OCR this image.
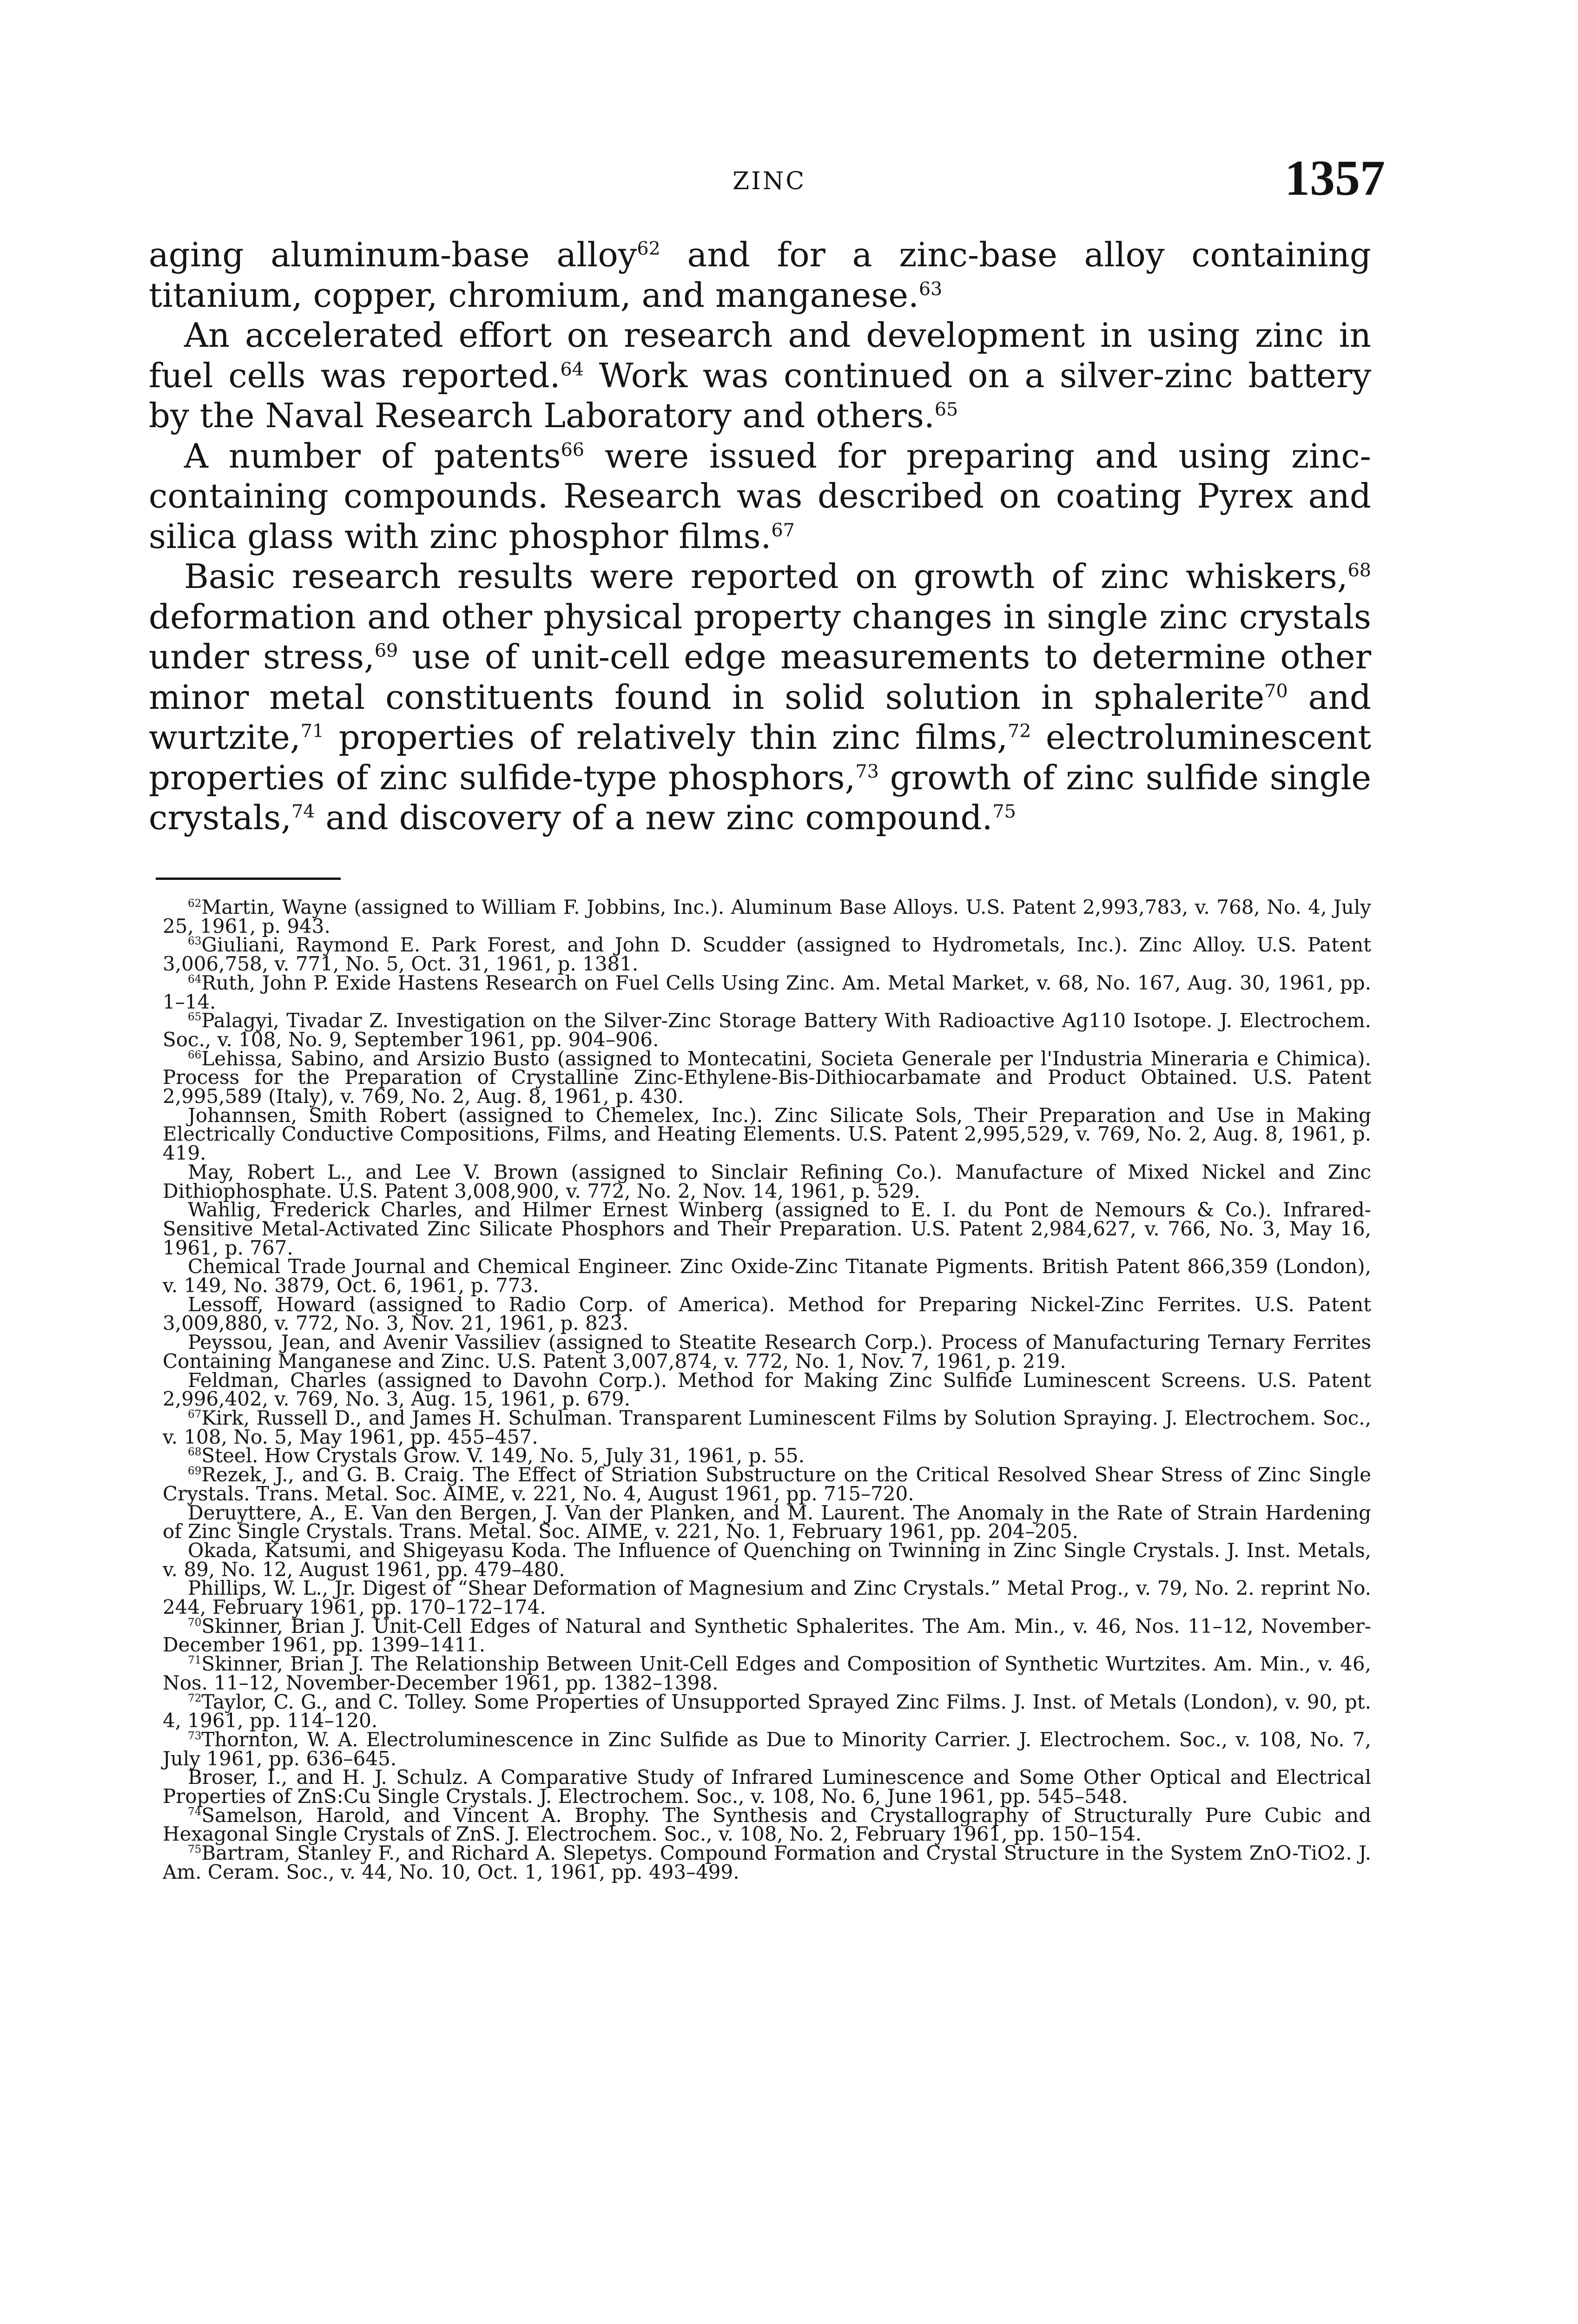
ZINC	1357

aging aluminum-base alloy$^{62}$ and for a zinc-base alloy containing titanium, copper, chromium, and manganese.$^{63}$

An accelerated effort on research and development in using zinc in fuel cells was reported.$^{64}$ Work was continued on a silver-zinc battery by the Naval Research Laboratory and others.$^{65}$

A number of patents$^{66}$ were issued for preparing and using zinc-containing compounds. Research was described on coating Pyrex and silica glass with zinc phosphor films.$^{67}$

Basic research results were reported on growth of zinc whiskers,$^{68}$ deformation and other physical property changes in single zinc crystals under stress,$^{69}$ use of unit-cell edge measurements to determine other minor metal constituents found in solid solution in sphalerite$^{70}$ and wurtzite,$^{71}$ properties of relatively thin zinc films,$^{72}$ electroluminescent properties of zinc sulfide-type phosphors,$^{73}$ growth of zinc sulfide single crystals,$^{74}$ and discovery of a new zinc compound.$^{75}$

$^{62}$Martin, Wayne (assigned to William F. Jobbins, Inc.). Aluminum Base Alloys. U.S. Patent 2,993,783, v. 768, No. 4, July 25, 1961, p. 943.

$^{63}$Giuliani, Raymond E. Park Forest, and John D. Scudder (assigned to Hydrometals, Inc.). Zinc Alloy. U.S. Patent 3,006,758, v. 771, No. 5, Oct. 31, 1961, p. 1381.

$^{64}$Ruth, John P. Exide Hastens Research on Fuel Cells Using Zinc. Am. Metal Market, v. 68, No. 167, Aug. 30, 1961, pp. 1–14.

$^{65}$Palagyi, Tivadar Z. Investigation on the Silver-Zinc Storage Battery With Radioactive Ag110 Isotope. J. Electrochem. Soc., v. 108, No. 9, September 1961, pp. 904–906.

$^{66}$Lehissa, Sabino, and Arsizio Busto (assigned to Montecatini, Societa Generale per l'Industria Mineraria e Chimica). Process for the Preparation of Crystalline Zinc-Ethylene-Bis-Dithiocarbamate and Product Obtained. U.S. Patent 2,995,589 (Italy), v. 769, No. 2, Aug. 8, 1961, p. 430.

Johannsen, Smith Robert (assigned to Chemelex, Inc.). Zinc Silicate Sols, Their Preparation and Use in Making Electrically Conductive Compositions, Films, and Heating Elements. U.S. Patent 2,995,529, v. 769, No. 2, Aug. 8, 1961, p. 419.

May, Robert L., and Lee V. Brown (assigned to Sinclair Refining Co.). Manufacture of Mixed Nickel and Zinc Dithiophosphate. U.S. Patent 3,008,900, v. 772, No. 2, Nov. 14, 1961, p. 529.

Wahlig, Frederick Charles, and Hilmer Ernest Winberg (assigned to E. I. du Pont de Nemours & Co.). Infrared-Sensitive Metal-Activated Zinc Silicate Phosphors and Their Preparation. U.S. Patent 2,984,627, v. 766, No. 3, May 16, 1961, p. 767.

Chemical Trade Journal and Chemical Engineer. Zinc Oxide-Zinc Titanate Pigments. British Patent 866,359 (London), v. 149, No. 3879, Oct. 6, 1961, p. 773.

Lessoff, Howard (assigned to Radio Corp. of America). Method for Preparing Nickel-Zinc Ferrites. U.S. Patent 3,009,880, v. 772, No. 3, Nov. 21, 1961, p. 823.

Peyssou, Jean, and Avenir Vassiliev (assigned to Steatite Research Corp.). Process of Manufacturing Ternary Ferrites Containing Manganese and Zinc. U.S. Patent 3,007,874, v. 772, No. 1, Nov. 7, 1961, p. 219.

Feldman, Charles (assigned to Davohn Corp.). Method for Making Zinc Sulfide Luminescent Screens. U.S. Patent 2,996,402, v. 769, No. 3, Aug. 15, 1961, p. 679.

$^{67}$Kirk, Russell D., and James H. Schulman. Transparent Luminescent Films by Solution Spraying. J. Electrochem. Soc., v. 108, No. 5, May 1961, pp. 455–457.

$^{68}$Steel. How Crystals Grow. V. 149, No. 5, July 31, 1961, p. 55.

$^{69}$Rezek, J., and G. B. Craig. The Effect of Striation Substructure on the Critical Resolved Shear Stress of Zinc Single Crystals. Trans. Metal. Soc. AIME, v. 221, No. 4, August 1961, pp. 715–720.

Deruyttere, A., E. Van den Bergen, J. Van der Planken, and M. Laurent. The Anomaly in the Rate of Strain Hardening of Zinc Single Crystals. Trans. Metal. Soc. AIME, v. 221, No. 1, February 1961, pp. 204–205.

Okada, Katsumi, and Shigeyasu Koda. The Influence of Quenching on Twinning in Zinc Single Crystals. J. Inst. Metals, v. 89, No. 12, August 1961, pp. 479–480.

Phillips, W. L., Jr. Digest of “Shear Deformation of Magnesium and Zinc Crystals.” Metal Prog., v. 79, No. 2. reprint No. 244, February 1961, pp. 170–172–174.

$^{70}$Skinner, Brian J. Unit-Cell Edges of Natural and Synthetic Sphalerites. The Am. Min., v. 46, Nos. 11–12, November-December 1961, pp. 1399–1411.

$^{71}$Skinner, Brian J. The Relationship Between Unit-Cell Edges and Composition of Synthetic Wurtzites. Am. Min., v. 46, Nos. 11–12, November-December 1961, pp. 1382–1398.

$^{72}$Taylor, C. G., and C. Tolley. Some Properties of Unsupported Sprayed Zinc Films. J. Inst. of Metals (London), v. 90, pt. 4, 1961, pp. 114–120.

$^{73}$Thornton, W. A. Electroluminescence in Zinc Sulfide as Due to Minority Carrier. J. Electrochem. Soc., v. 108, No. 7, July 1961, pp. 636–645.

Broser, I., and H. J. Schulz. A Comparative Study of Infrared Luminescence and Some Other Optical and Electrical Properties of ZnS:Cu Single Crystals. J. Electrochem. Soc., v. 108, No. 6, June 1961, pp. 545–548.

$^{74}$Samelson, Harold, and Vincent A. Brophy. The Synthesis and Crystallography of Structurally Pure Cubic and Hexagonal Single Crystals of ZnS. J. Electrochem. Soc., v. 108, No. 2, February 1961, pp. 150–154.

$^{75}$Bartram, Stanley F., and Richard A. Slepetys. Compound Formation and Crystal Structure in the System ZnO-TiO2. J. Am. Ceram. Soc., v. 44, No. 10, Oct. 1, 1961, pp. 493–499.
